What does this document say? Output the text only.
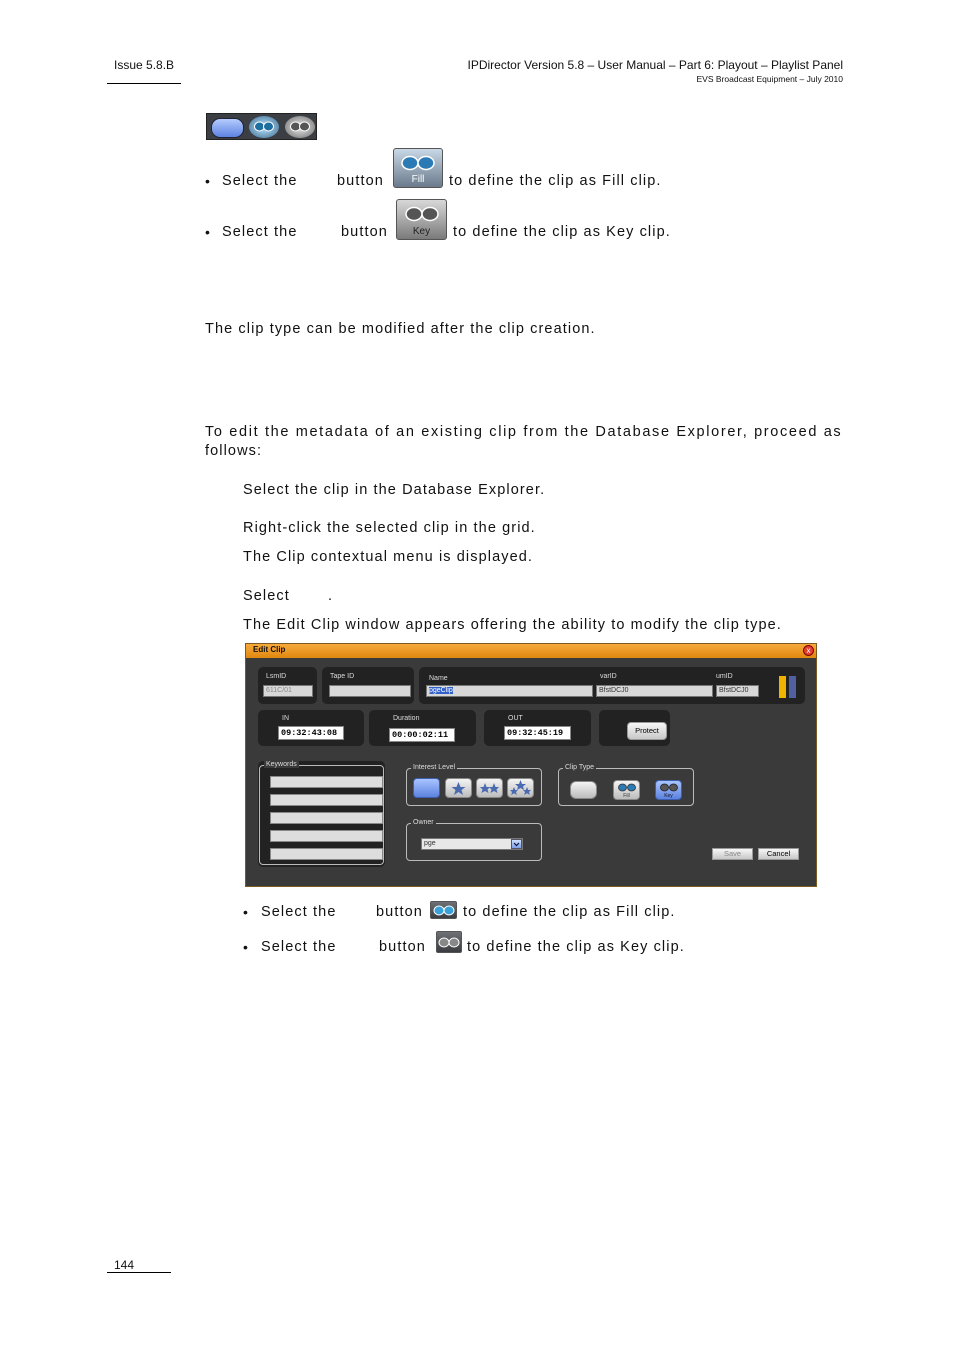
Issue 5.8.B	IPDirector Version 5.8 – User Manual – Part 6: Playout – Playlist Panel
EVS Broadcast Equipment – July 2010
• Select the	button	Fill	to define the clip as Fill clip.
• Select the	button	Key	to define the clip as Key clip.
The clip type can be modified after the clip creation.
To edit the metadata of an existing clip from the Database Explorer, proceed as
follows:
Select the clip in the Database Explorer.
Right-click the selected clip in the grid.
The Clip contextual menu is displayed.
Select	.
The Edit Clip window appears offering the ability to modify the clip type.
Edit Clip	x
LsmID
611C/01
Tape ID	Name
pgeClip
varID
BfstDCJ0
umID
BfstDCJ0
IN
09:32:43:08
Duration
00:00:02:11
OUT
09:32:45:19	Protect
Keywords	Interest Level	Clip Type
Fill	Key
Owner
pge
Save	Cancel
• Select the	button	to define the clip as Fill clip.
• Select the	button	to define the clip as Key clip.
144
